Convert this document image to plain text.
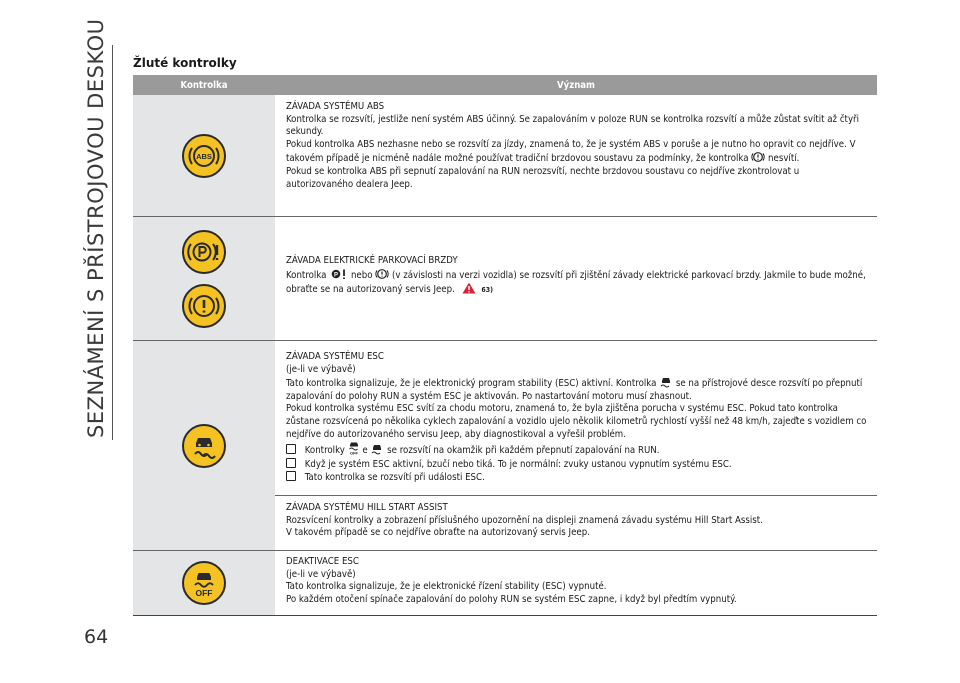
SEZNÁMENÍ S PŘÍSTROJOVOU DESKOU
64
Žluté kontrolky
Kontrolka	Význam
ABS

ZÁVADA SYSTÉMU ABS

Kontrolka se rozsvítí, jestliže není systém ABS účinný. Se zapalováním v poloze RUN se kontrolka rozsvítí a může zůstat svítit až čtyři sekundy.

Pokud kontrolka ABS nezhasne nebo se rozsvítí za jízdy, znamená to, že je systém ABS v poruše a je nutno ho opravit co nejdříve. V takovém případě je nicméně nadále možné používat tradiční brzdovou soustavu za podmínky, že kontrolka nesvítí.

Pokud se kontrolka ABS při sepnutí zapalování na RUN nerozsvítí, nechte brzdovou soustavu co nejdříve zkontrolovat u autorizovaného dealera Jeep.

ZÁVADA ELEKTRICKÉ PARKOVACÍ BRZDY

Kontrolka P nebo (v závislosti na verzi vozidla) se rozsvítí při zjištění závady elektrické parkovací brzdy. Jakmile to bude možné, obraťte se na autorizovaný servis Jeep.	63)

ZÁVADA SYSTÉMU ESC

(je-li ve výbavě)

Tato kontrolka signalizuje, že je elektronický program stability (ESC) aktivní. Kontrolka se na přístrojové desce rozsvítí po přepnutí zapalování do polohy RUN a systém ESC je aktivován. Po nastartování motoru musí zhasnout.

Pokud kontrolka systému ESC svítí za chodu motoru, znamená to, že byla zjištěna porucha v systému ESC. Pokud tato kontrolka zůstane rozsvícená po několika cyklech zapalování a vozidlo ujelo několik kilometrů rychlostí vyšší než 48 km/h, zajeďte s vozidlem co nejdříve do autorizovaného servisu Jeep, aby diagnostikoval a vyřešil problém.

Kontrolky OFF e se rozsvítí na okamžik při každém přepnutí zapalování na RUN.

Když je systém ESC aktivní, bzučí nebo tiká. To je normální: zvuky ustanou vypnutím systému ESC.

Tato kontrolka se rozsvítí při události ESC.

ZÁVADA SYSTÉMU HILL START ASSIST

Rozsvícení kontrolky a zobrazení příslušného upozornění na displeji znamená závadu systému Hill Start Assist.

V takovém případě se co nejdříve obraťte na autorizovaný servis Jeep.

OFF

DEAKTIVACE ESC

(je-li ve výbavě)

Tato kontrolka signalizuje, že je elektronické řízení stability (ESC) vypnuté.

Po každém otočení spínače zapalování do polohy RUN se systém ESC zapne, i když byl předtím vypnutý.
